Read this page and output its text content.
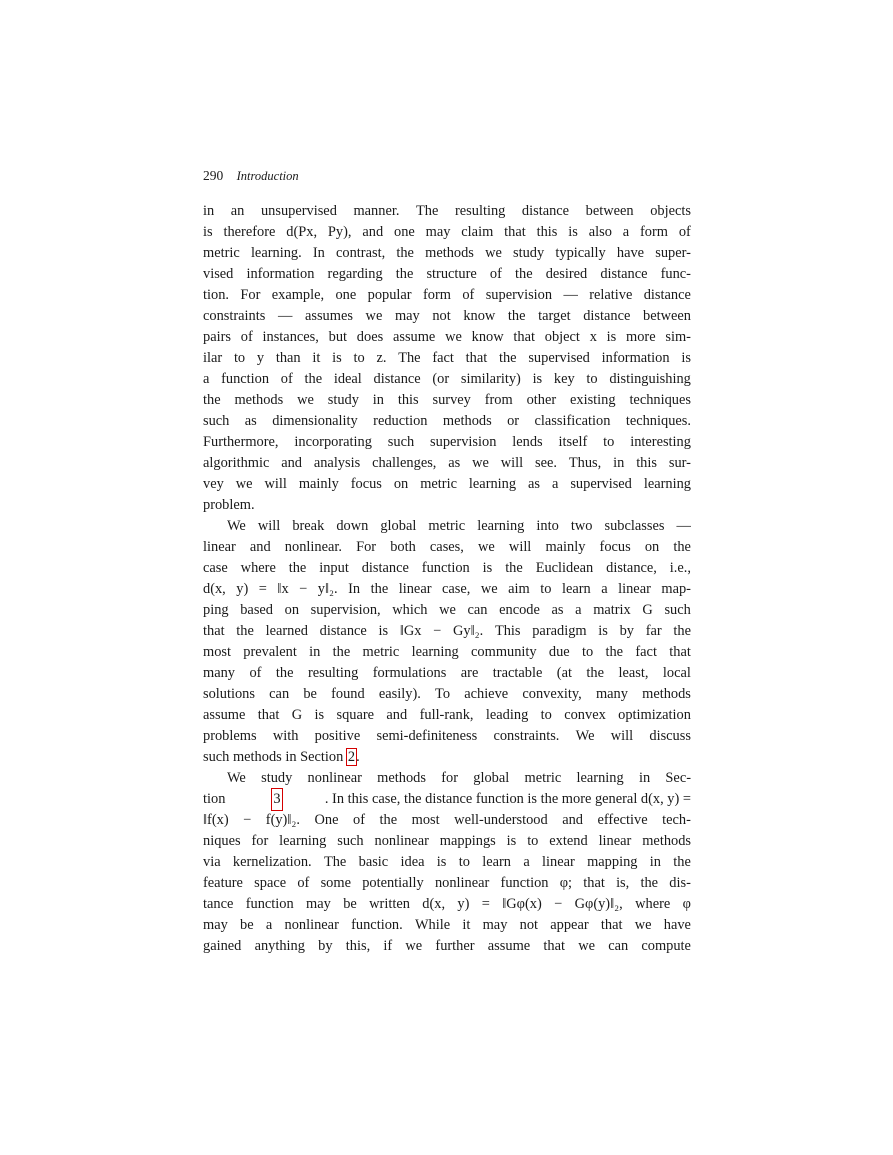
290 Introduction
in an unsupervised manner. The resulting distance between objects
is therefore d(Px, Py), and one may claim that this is also a form of
metric learning. In contrast, the methods we study typically have super-
vised information regarding the structure of the desired distance func-
tion. For example, one popular form of supervision — relative distance
constraints — assumes we may not know the target distance between
pairs of instances, but does assume we know that object x is more sim-
ilar to y than it is to z. The fact that the supervised information is
a function of the ideal distance (or similarity) is key to distinguishing
the methods we study in this survey from other existing techniques
such as dimensionality reduction methods or classification techniques.
Furthermore, incorporating such supervision lends itself to interesting
algorithmic and analysis challenges, as we will see. Thus, in this sur-
vey we will mainly focus on metric learning as a supervised learning
problem.
We will break down global metric learning into two subclasses —
linear and nonlinear. For both cases, we will mainly focus on the
case where the input distance function is the Euclidean distance, i.e.,
d(x, y) = ‖x − y‖₂. In the linear case, we aim to learn a linear map-
ping based on supervision, which we can encode as a matrix G such
that the learned distance is ‖Gx − Gy‖₂. This paradigm is by far the
most prevalent in the metric learning community due to the fact that
many of the resulting formulations are tractable (at the least, local
solutions can be found easily). To achieve convexity, many methods
assume that G is square and full-rank, leading to convex optimization
problems with positive semi-definiteness constraints. We will discuss
such methods in Section 2.
We study nonlinear methods for global metric learning in Sec-
tion	3	. In this case, the distance function is the more general d(x, y) =
‖f(x) − f(y)‖₂. One of the most well-understood and effective tech-
niques for learning such nonlinear mappings is to extend linear methods
via kernelization. The basic idea is to learn a linear mapping in the
feature space of some potentially nonlinear function φ; that is, the dis-
tance function may be written d(x, y) = ‖Gφ(x) − Gφ(y)‖₂, where φ
may be a nonlinear function. While it may not appear that we have
gained anything by this, if we further assume that we can compute
